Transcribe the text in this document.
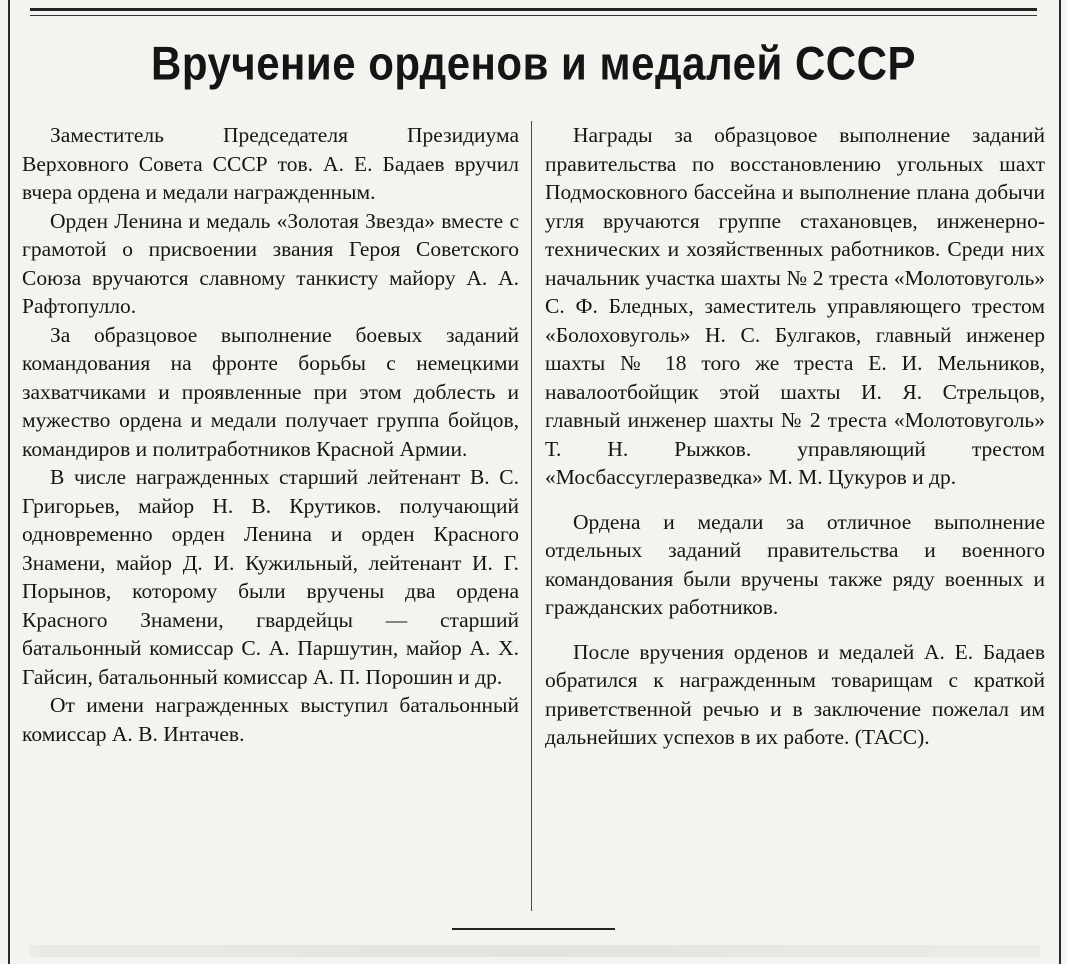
Вручение орденов и медалей СССР

Заместитель Председателя Президиума Верховного Совета СССР тов. А. Е. Бадаев вручил вчера ордена и медали награжденным.

Орден Ленина и медаль «Золотая Звезда» вместе с грамотой о присвоении звания Героя Советского Союза вручаются славному танкисту майору А. А. Рафтопулло.

За образцовое выполнение боевых заданий командования на фронте борьбы с немецкими захватчиками и проявленные при этом доблесть и мужество ордена и медали получает группа бойцов, командиров и политработников Красной Армии.

В числе награжденных старший лейтенант В. С. Григорьев, майор Н. В. Крутиков. получающий одновременно орден Ленина и орден Красного Знамени, майор Д. И. Кужильный, лейтенант И. Г. Порынов, которому были вручены два ордена Красного Знамени, гвардейцы — старший батальонный комиссар С. А. Паршутин, майор А. Х. Гайсин, батальонный комиссар А. П. Порошин и др.

От имени награжденных выступил батальонный комиссар А. В. Интачев.

Награды за образцовое выполнение заданий правительства по восстановлению угольных шахт Подмосковного бассейна и выполнение плана добычи угля вручаются группе стахановцев, инженерно-технических и хозяйственных работников. Среди них начальник участка шахты № 2 треста «Молотовуголь» С. Ф. Бледных, заместитель управляющего трестом «Болоховуголь» Н. С. Булгаков, главный инженер шахты № 18 того же треста Е. И. Мельников, навалоотбойщик этой шахты И. Я. Стрельцов, главный инженер шахты № 2 треста «Молотовуголь» Т. Н. Рыжков. управляющий трестом «Мосбассуглеразведка» М. М. Цукуров и др.

Ордена и медали за отличное выполнение отдельных заданий правительства и военного командования были вручены также ряду военных и гражданских работников.

После вручения орденов и медалей А. Е. Бадаев обратился к награжденным товарищам с краткой приветственной речью и в заключение пожелал им дальнейших успехов в их работе. (ТАСС).
